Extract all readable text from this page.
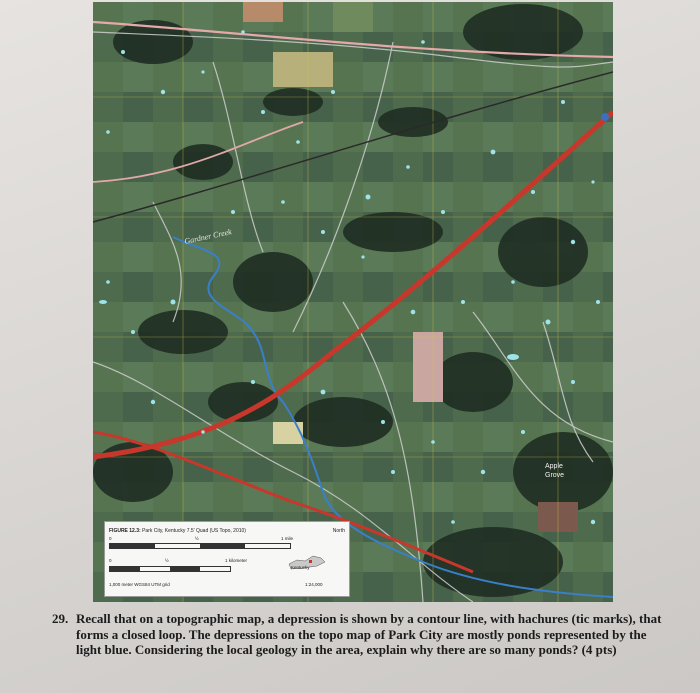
Gardner Creek
Apple
Grove
FIGURE 12.3: Park City, Kentucky 7.5' Quad (US Topo, 2010)	North
0	½	1 mile
0	½	1 kilometer
Kentucky
1,000 meter WGS84 UTM grid	1:24,000
29. Recall that on a topographic map, a depression is shown by a contour line, with hachures (tic marks), that forms a closed loop. The depressions on the topo map of Park City are mostly ponds represented by the light blue. Considering the local geology in the area, explain why there are so many ponds? (4 pts)
